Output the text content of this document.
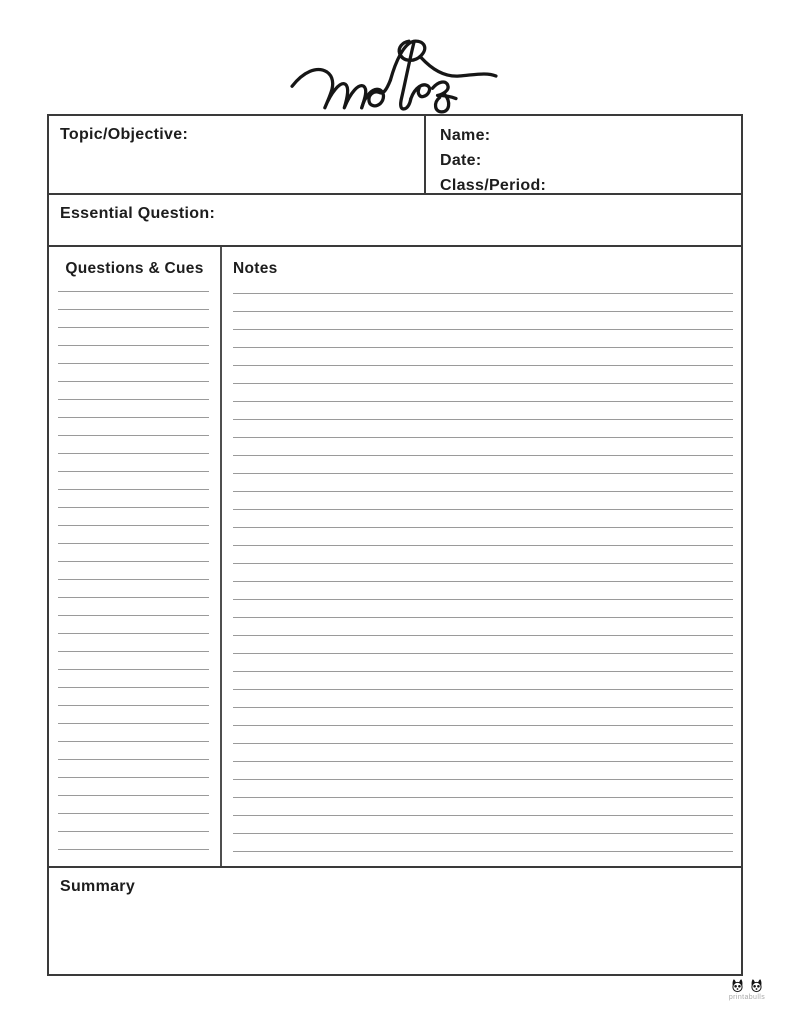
Topic/Objective:	Name:
Date:
Class/Period:
Essential Question:
Questions & Cues	Notes
Summary
printabulls
